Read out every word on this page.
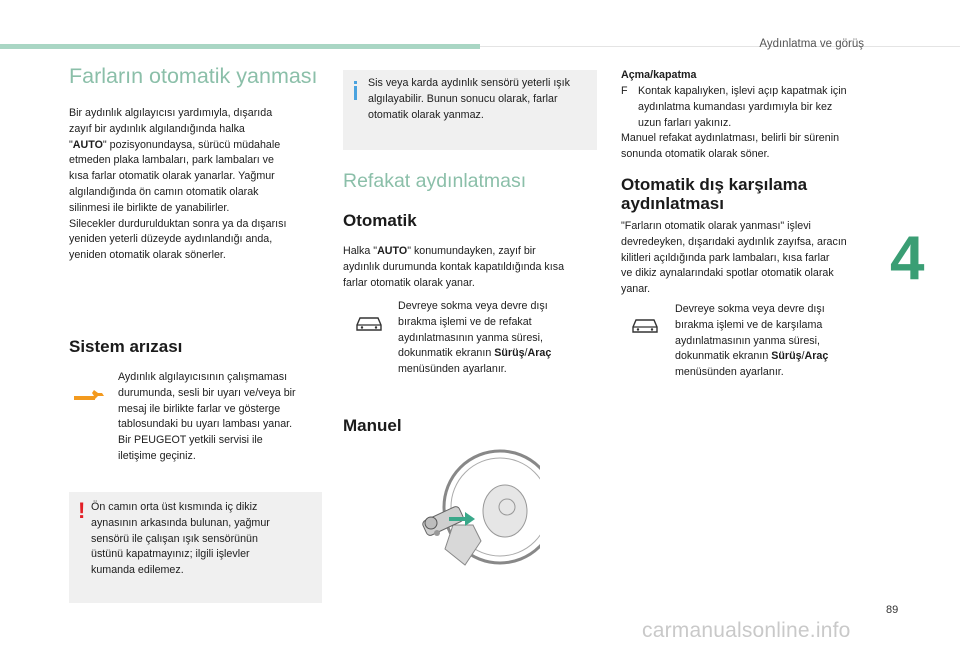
Aydınlatma ve görüş
4
89
carmanualsonline.info
Farların otomatik yanması

Bir aydınlık algılayıcısı yardımıyla, dışarıda
zayıf bir aydınlık algılandığında halka
"AUTO" pozisyonundaysa, sürücü müdahale
etmeden plaka lambaları, park lambaları ve
kısa farlar otomatik olarak yanarlar. Yağmur
algılandığında ön camın otomatik olarak
silinmesi ile birlikte de yanabilirler.
Silecekler durdurulduktan sonra ya da dışarısı
yeniden yeterli düzeyde aydınlandığı anda,
yeniden otomatik olarak sönerler.

Sistem arızası

Aydınlık algılayıcısının çalışmaması
durumunda, sesli bir uyarı ve/veya bir
mesaj ile birlikte farlar ve gösterge
tablosundaki bu uyarı lambası yanar.
Bir PEUGEOT yetkili servisi ile
iletişime geçiniz.

! Ön camın orta üst kısmında iç dikiz
aynasının arkasında bulunan, yağmur
sensörü ile çalışan ışık sensörünün
üstünü kapatmayınız; ilgili işlevler
kumanda edilemez.

Sis veya karda aydınlık sensörü yeterli ışık
algılayabilir. Bunun sonucu olarak, farlar
otomatik olarak yanmaz.

Refakat aydınlatması
Otomatik

Halka "AUTO" konumundayken, zayıf bir
aydınlık durumunda kontak kapatıldığında kısa
farlar otomatik olarak yanar.

Devreye sokma veya devre dışı
bırakma işlemi ve de refakat
aydınlatmasının yanma süresi,
dokunmatik ekranın Sürüş/Araç
menüsünden ayarlanır.

Manuel

Açma/kapatma

F Kontak kapalıyken, işlevi açıp kapatmak için
aydınlatma kumandası yardımıyla bir kez
uzun farları yakınız.

Manuel refakat aydınlatması, belirli bir sürenin
sonunda otomatik olarak söner.

Otomatik dış karşılama
aydınlatması

"Farların otomatik olarak yanması" işlevi
devredeyken, dışarıdaki aydınlık zayıfsa, aracın
kilitleri açıldığında park lambaları, kısa farlar
ve dikiz aynalarındaki spotlar otomatik olarak
yanar.

Devreye sokma veya devre dışı
bırakma işlemi ve de karşılama
aydınlatmasının yanma süresi,
dokunmatik ekranın Sürüş/Araç
menüsünden ayarlanır.
